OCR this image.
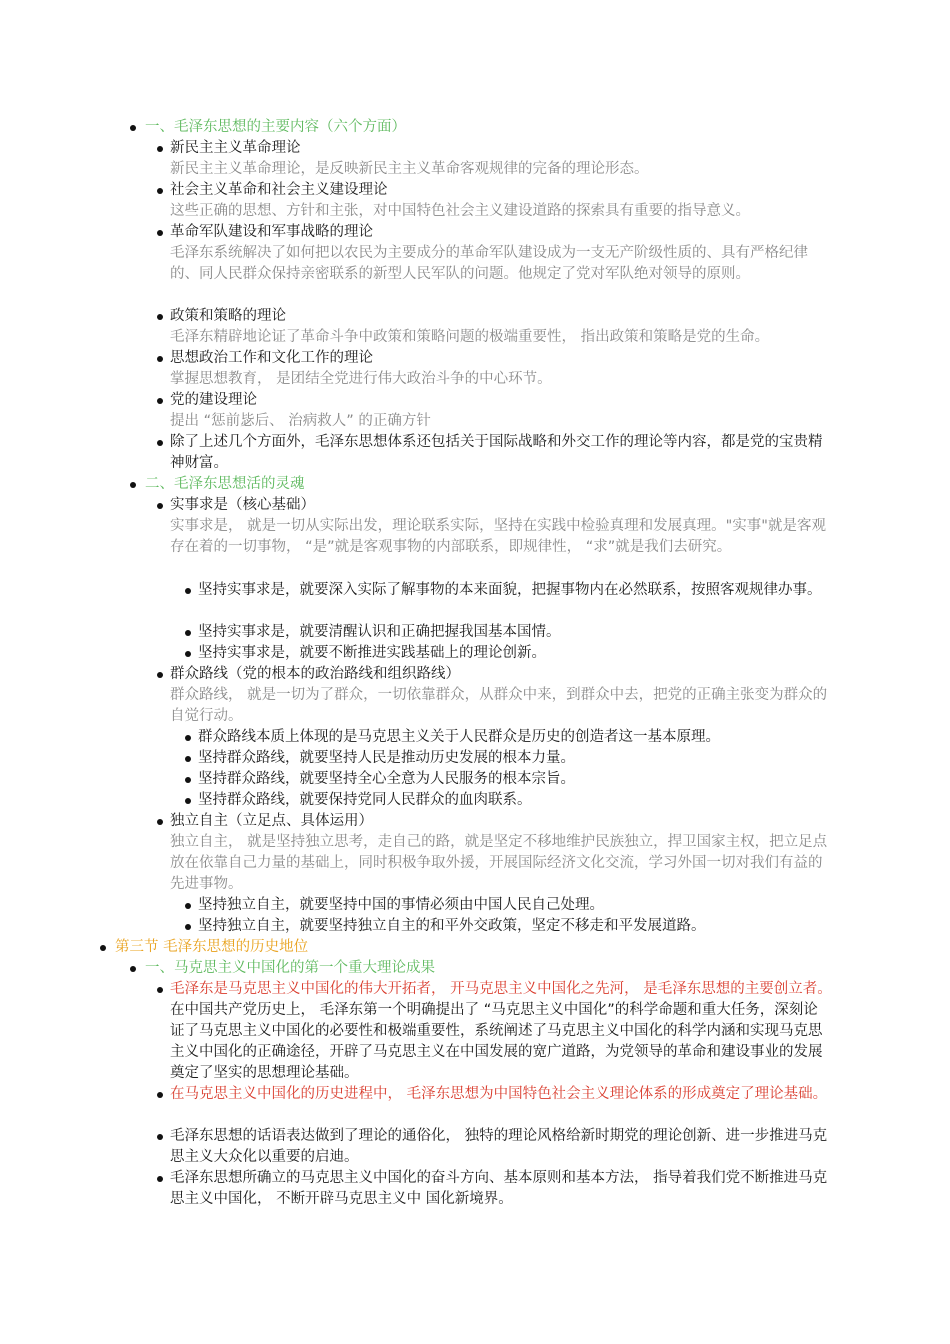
一、毛泽东思想的主要内容（六个方面）
新民主主义革命理论
新民主主义革命理论，是反映新民主主义革命客观规律的完备的理论形态。
社会主义革命和社会主义建设理论
这些正确的思想、方针和主张，对中国特色社会主义建设道路的探索具有重要的指导意义。
革命军队建设和军事战略的理论
毛泽东系统解决了如何把以农民为主要成分的革命军队建设成为一支无产阶级性质的、具有严格纪律的、同人民群众保持亲密联系的新型人民军队的问题。他规定了党对军队绝对领导的原则。
政策和策略的理论
毛泽东精辟地论证了革命斗争中政策和策略问题的极端重要性， 指出政策和策略是党的生命。
思想政治工作和文化工作的理论
掌握思想教育， 是团结全党进行伟大政治斗争的中心环节。
党的建设理论
提出 “惩前毖后、 治病救人” 的正确方针
除了上述几个方面外，毛泽东思想体系还包括关于国际战略和外交工作的理论等内容，都是党的宝贵精神财富。
二、毛泽东思想活的灵魂
实事求是（核心基础）
实事求是， 就是一切从实际出发，理论联系实际，坚持在实践中检验真理和发展真理。"实事"就是客观存在着的一切事物， “是”就是客观事物的内部联系，即规律性， “求”就是我们去研究。
坚持实事求是，就要深入实际了解事物的本来面貌，把握事物内在必然联系，按照客观规律办事。
坚持实事求是，就要清醒认识和正确把握我国基本国情。
坚持实事求是，就要不断推进实践基础上的理论创新。
群众路线（党的根本的政治路线和组织路线）
群众路线， 就是一切为了群众，一切依靠群众，从群众中来，到群众中去，把党的正确主张变为群众的自觉行动。
群众路线本质上体现的是马克思主义关于人民群众是历史的创造者这一基本原理。
坚持群众路线，就要坚持人民是推动历史发展的根本力量。
坚持群众路线，就要坚持全心全意为人民服务的根本宗旨。
坚持群众路线，就要保持党同人民群众的血肉联系。
独立自主（立足点、具体运用）
独立自主， 就是坚持独立思考，走自己的路，就是坚定不移地维护民族独立，捍卫国家主权，把立足点放在依靠自己力量的基础上，同时积极争取外援，开展国际经济文化交流，学习外国一切对我们有益的先进事物。
坚持独立自主，就要坚持中国的事情必须由中国人民自己处理。
坚持独立自主，就要坚持独立自主的和平外交政策，坚定不移走和平发展道路。
第三节 毛泽东思想的历史地位
一、马克思主义中国化的第一个重大理论成果
毛泽东是马克思主义中国化的伟大开拓者， 开马克思主义中国化之先河， 是毛泽东思想的主要创立者。 在中国共产党历史上， 毛泽东第一个明确提出了 “马克思主义中国化”的科学命题和重大任务，深刻论证了马克思主义中国化的必要性和极端重要性，系统阐述了马克思主义中国化的科学内涵和实现马克思主义中国化的正确途径，开辟了马克思主义在中国发展的宽广道路，为党领导的革命和建设事业的发展奠定了坚实的思想理论基础。
在马克思主义中国化的历史进程中， 毛泽东思想为中国特色社会主义理论体系的形成奠定了理论基础。
毛泽东思想的话语表达做到了理论的通俗化， 独特的理论风格给新时期党的理论创新、进一步推进马克思主义大众化以重要的启迪。
毛泽东思想所确立的马克思主义中国化的奋斗方向、基本原则和基本方法， 指导着我们党不断推进马克思主义中国化， 不断开辟马克思主义中 国化新境界。
